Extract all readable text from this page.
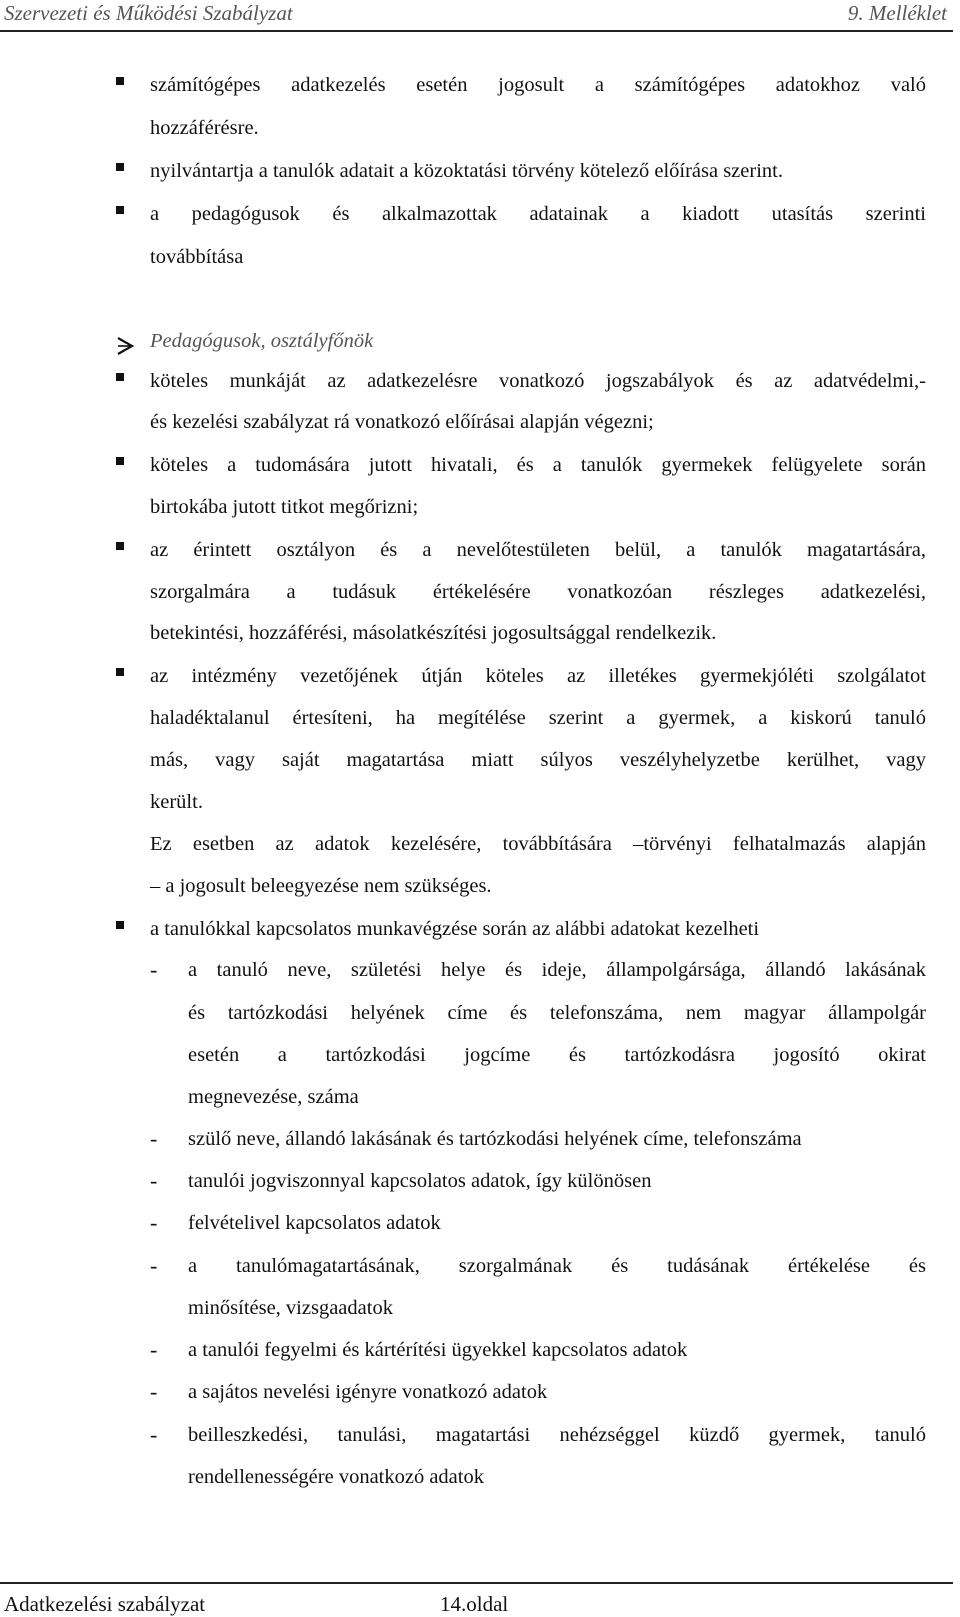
Szervezeti és Működési Szabályzat	9. Melléklet
számítógépes adatkezelés esetén jogosult a számítógépes adatokhoz való
hozzáférésre.
nyilvántartja a tanulók adatait a közoktatási törvény kötelező előírása szerint.
a pedagógusok és alkalmazottak adatainak a kiadott utasítás szerinti
továbbítása
Pedagógusok, osztályfőnök
köteles munkáját az adatkezelésre vonatkozó jogszabályok és az adatvédelmi,-
és kezelési szabályzat rá vonatkozó előírásai alapján végezni;
köteles a tudomására jutott hivatali, és a tanulók gyermekek felügyelete során
birtokába jutott titkot megőrizni;
az érintett osztályon és a nevelőtestületen belül, a tanulók magatartására,
szorgalmára a tudásuk értékelésére vonatkozóan részleges adatkezelési,
betekintési, hozzáférési, másolatkészítési jogosultsággal rendelkezik.
az intézmény vezetőjének útján köteles az illetékes gyermekjóléti szolgálatot
haladéktalanul értesíteni, ha megítélése szerint a gyermek, a kiskorú tanuló
más, vagy saját magatartása miatt súlyos veszélyhelyzetbe kerülhet, vagy
került.
Ez esetben az adatok kezelésére, továbbítására –törvényi felhatalmazás alapján
– a jogosult beleegyezése nem szükséges.
a tanulókkal kapcsolatos munkavégzése során az alábbi adatokat kezelheti
- a tanuló neve, születési helye és ideje, állampolgársága, állandó lakásának
és tartózkodási helyének címe és telefonszáma, nem magyar állampolgár
esetén a tartózkodási jogcíme és tartózkodásra jogosító okirat
megnevezése, száma
- szülő neve, állandó lakásának és tartózkodási helyének címe, telefonszáma
- tanulói jogviszonnyal kapcsolatos adatok, így különösen
- felvételivel kapcsolatos adatok
- a tanulómagatartásának, szorgalmának és tudásának értékelése és
minősítése, vizsgaadatok
- a tanulói fegyelmi és kártérítési ügyekkel kapcsolatos adatok
- a sajátos nevelési igényre vonatkozó adatok
- beilleszkedési, tanulási, magatartási nehézséggel küzdő gyermek, tanuló
rendellenességére vonatkozó adatok
Adatkezelési szabályzat	14.oldal
